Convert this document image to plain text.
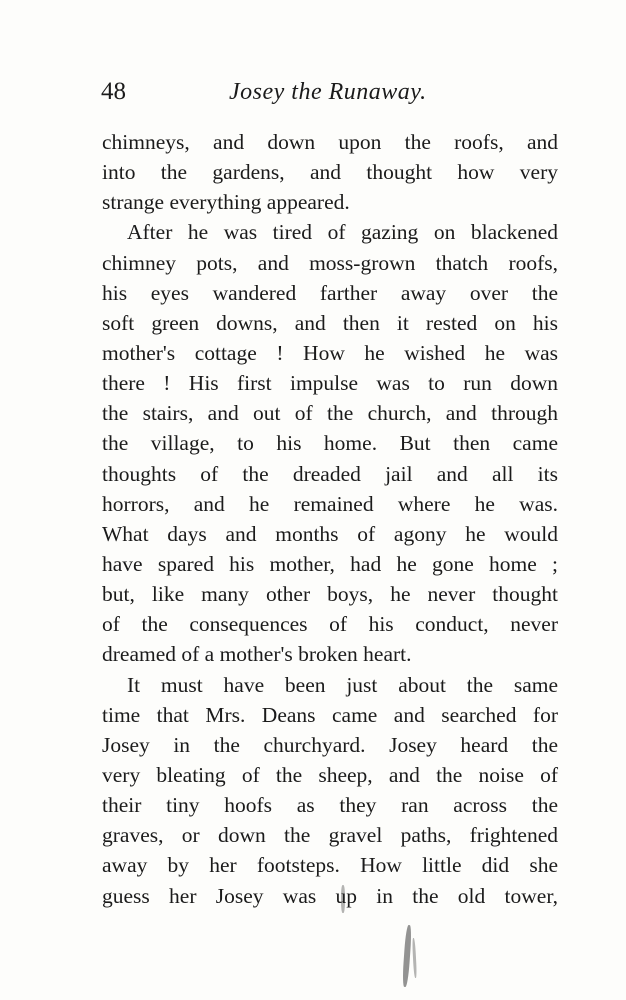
48	Josey the Runaway.
chimneys, and down upon the roofs, and
into the gardens, and thought how very
strange everything appeared.
After he was tired of gazing on blackened
chimney pots, and moss-grown thatch roofs,
his eyes wandered farther away over the
soft green downs, and then it rested on his
mother's cottage ! How he wished he was
there ! His first impulse was to run down
the stairs, and out of the church, and through
the village, to his home. But then came
thoughts of the dreaded jail and all its
horrors, and he remained where he was.
What days and months of agony he would
have spared his mother, had he gone home ;
but, like many other boys, he never thought
of the consequences of his conduct, never
dreamed of a mother's broken heart.
It must have been just about the same
time that Mrs. Deans came and searched for
Josey in the churchyard. Josey heard the
very bleating of the sheep, and the noise of
their tiny hoofs as they ran across the
graves, or down the gravel paths, frightened
away by her footsteps. How little did she
guess her Josey was up in the old tower,
